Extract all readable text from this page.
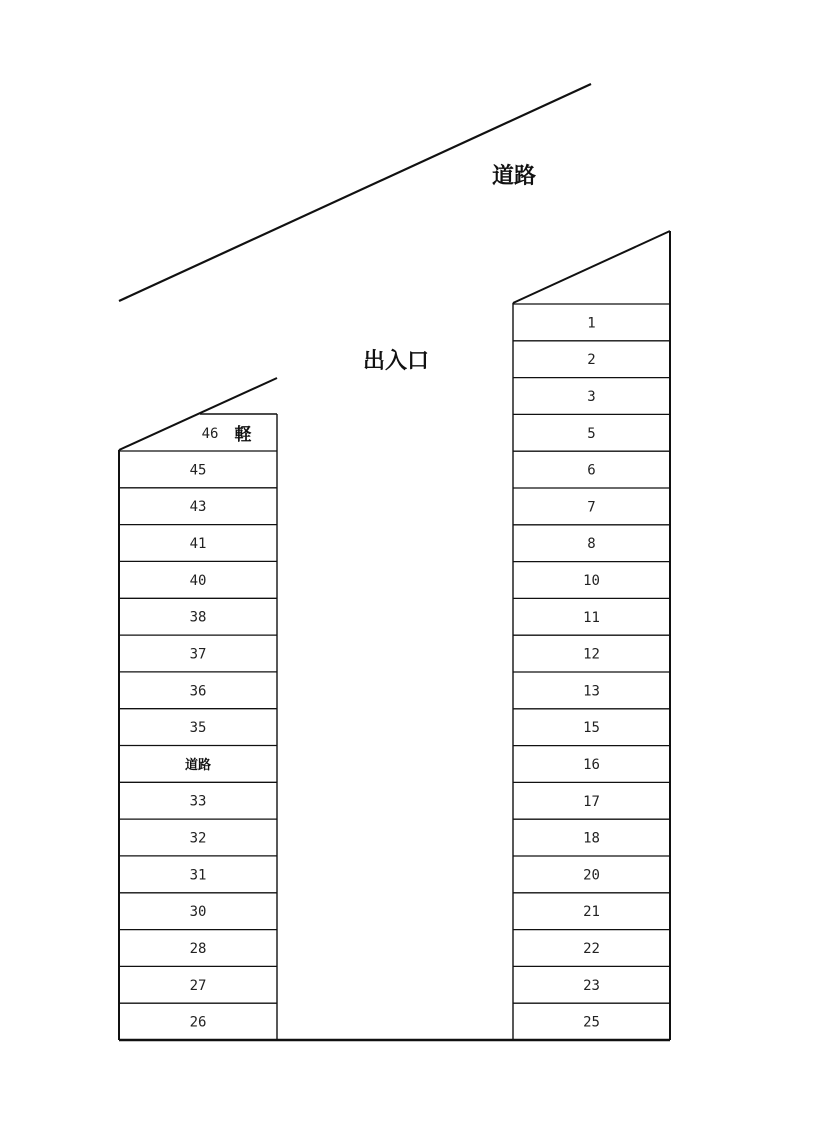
道路
出入口
45
43
41
40
38
37
36
35
道路
33
32
31
30
28
27
26
46 軽
1
2
3
5
6
7
8
10
11
12
13
15
16
17
18
20
21
22
23
25
